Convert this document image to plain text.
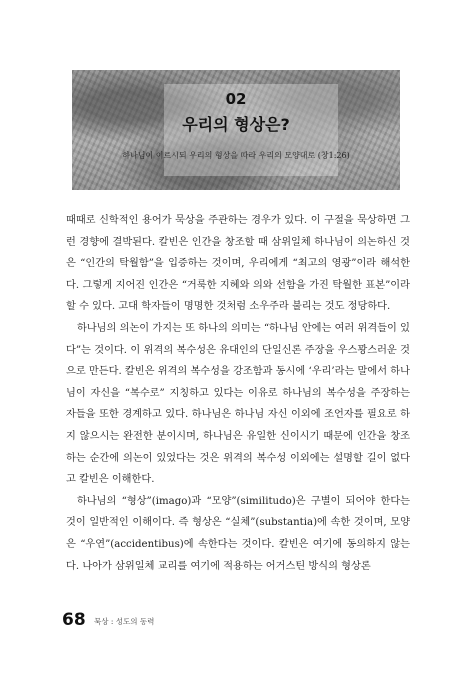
02
우리의 형상은?
하나님이 이르시되 우리의 형상을 따라 우리의 모양대로 (창1:26)

때때로 신학적인 용어가 묵상을 주관하는 경우가 있다. 이 구절을 묵상하면 그런 경향에 결박된다. 칼빈은 인간을 창조할 때 삼위일체 하나님이 의논하신 것은 “인간의 탁월함”을 입증하는 것이며, 우리에게 “최고의 영광”이라 해석한다. 그렇게 지어진 인간은 “거룩한 지혜와 의와 선함을 가진 탁월한 표본”이라 할 수 있다. 고대 학자들이 명명한 것처럼 소우주라 불리는 것도 정당하다.

하나님의 의논이 가지는 또 하나의 의미는 “하나님 안에는 여러 위격들이 있다”는 것이다. 이 위격의 복수성은 유대인의 단일신론 주장을 우스꽝스러운 것으로 만든다. 칼빈은 위격의 복수성을 강조함과 동시에 ‘우리’라는 말에서 하나님이 자신을 “복수로” 지칭하고 있다는 이유로 하나님의 복수성을 주장하는 자들을 또한 경계하고 있다. 하나님은 하나님 자신 이외에 조언자를 필요로 하지 않으시는 완전한 분이시며, 하나님은 유일한 신이시기 때문에 인간을 창조하는 순간에 의논이 있었다는 것은 위격의 복수성 이외에는 설명할 길이 없다고 칼빈은 이해한다.

하나님의 “형상”(imago)과 “모양”(similitudo)은 구별이 되어야 한다는 것이 일반적인 이해이다. 즉 형상은 “실체”(substantia)에 속한 것이며, 모양은 “우연”(accidentibus)에 속한다는 것이다. 칼빈은 여기에 동의하지 않는다. 나아가 삼위일체 교리를 여기에 적용하는 어거스틴 방식의 형상론

68 묵상 : 성도의 동력
